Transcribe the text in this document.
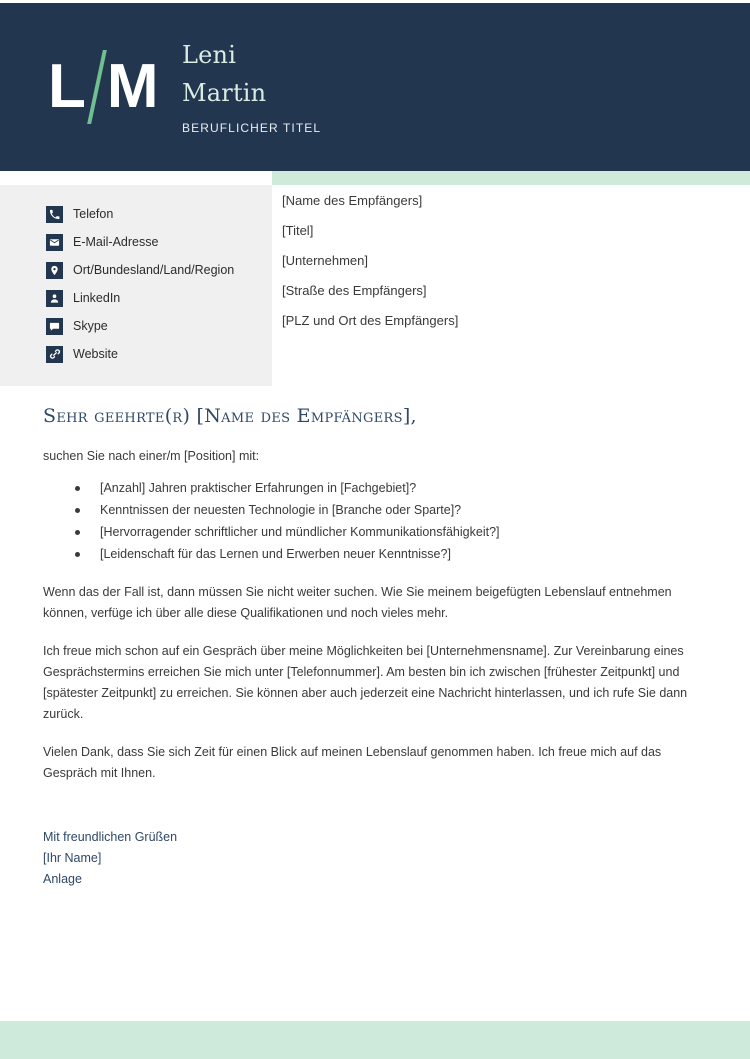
L M Leni
Martin
BERUFLICHER TITEL
Telefon
E-Mail-Adresse
Ort/Bundesland/Land/Region
LinkedIn
Skype
Website
[Name des Empfängers]
[Titel]
[Unternehmen]
[Straße des Empfängers]
[PLZ und Ort des Empfängers]
Sehr geehrte(r) [Name des Empfängers],
suchen Sie nach einer/m [Position] mit:
[Anzahl] Jahren praktischer Erfahrungen in [Fachgebiet]?
Kenntnissen der neuesten Technologie in [Branche oder Sparte]?
[Hervorragender schriftlicher und mündlicher Kommunikationsfähigkeit?]
[Leidenschaft für das Lernen und Erwerben neuer Kenntnisse?]

Wenn das der Fall ist, dann müssen Sie nicht weiter suchen. Wie Sie meinem beigefügten Lebenslauf entnehmen können, verfüge ich über alle diese Qualifikationen und noch vieles mehr.

Ich freue mich schon auf ein Gespräch über meine Möglichkeiten bei [Unternehmensname]. Zur Vereinbarung eines Gesprächstermins erreichen Sie mich unter [Telefonnummer]. Am besten bin ich zwischen [frühester Zeitpunkt] und [spätester Zeitpunkt] zu erreichen. Sie können aber auch jederzeit eine Nachricht hinterlassen, und ich rufe Sie dann zurück.

Vielen Dank, dass Sie sich Zeit für einen Blick auf meinen Lebenslauf genommen haben. Ich freue mich auf das Gespräch mit Ihnen.

Mit freundlichen Grüßen
[Ihr Name]
Anlage
